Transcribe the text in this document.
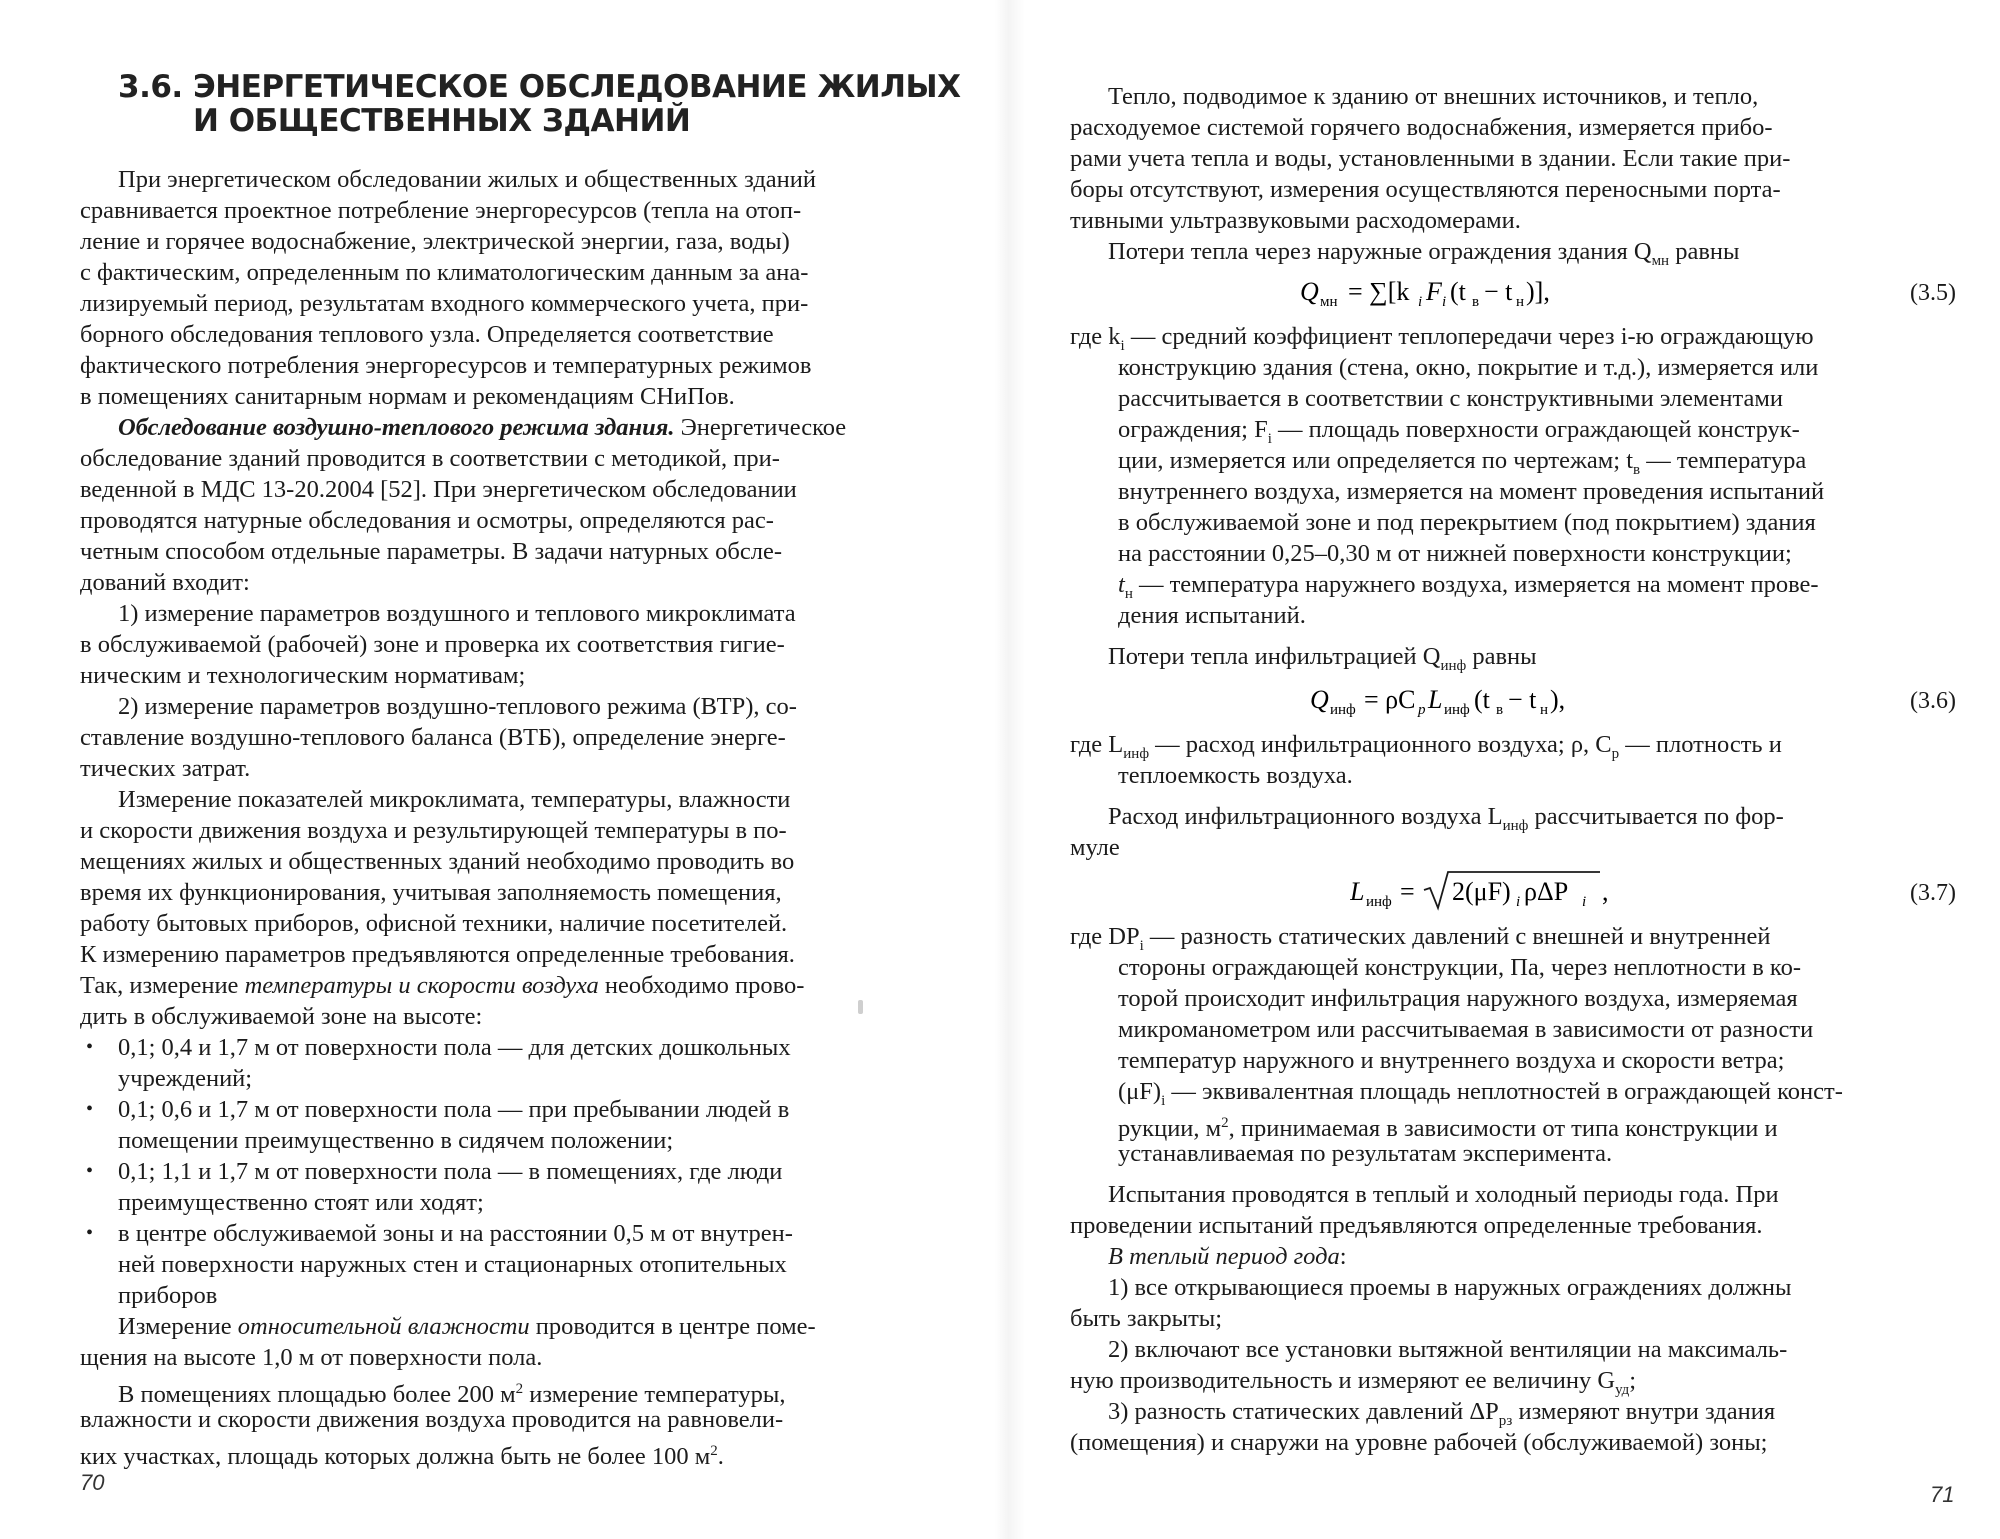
3.6. ЭНЕРГЕТИЧЕСКОЕ ОБСЛЕДОВАНИЕ ЖИЛЫХ
И ОБЩЕСТВЕННЫХ ЗДАНИЙ
При энергетическом обследовании жилых и общественных зданий
сравнивается проектное потребление энергоресурсов (тепла на отоп-
ление и горячее водоснабжение, электрической энергии, газа, воды)
с фактическим, определенным по климатологическим данным за ана-
лизируемый период, результатам входного коммерческого учета, при-
борного обследования теплового узла. Определяется соответствие
фактического потребления энергоресурсов и температурных режимов
в помещениях санитарным нормам и рекомендациям СНиПов.
Обследование воздушно-теплового режима здания. Энергетическое
обследование зданий проводится в соответствии с методикой, при-
веденной в МДС 13-20.2004 [52]. При энергетическом обследовании
проводятся натурные обследования и осмотры, определяются рас-
четным способом отдельные параметры. В задачи натурных обсле-
дований входит:
1) измерение параметров воздушного и теплового микроклимата
в обслуживаемой (рабочей) зоне и проверка их соответствия гигие-
ническим и технологическим нормативам;
2) измерение параметров воздушно-теплового режима (ВТР), со-
ставление воздушно-теплового баланса (ВТБ), определение энерге-
тических затрат.
Измерение показателей микроклимата, температуры, влажности
и скорости движения воздуха и результирующей температуры в по-
мещениях жилых и общественных зданий необходимо проводить во
время их функционирования, учитывая заполняемость помещения,
работу бытовых приборов, офисной техники, наличие посетителей.
К измерению параметров предъявляются определенные требования.
Так, измерение температуры и скорости воздуха необходимо прово-
дить в обслуживаемой зоне на высоте:
• 0,1; 0,4 и 1,7 м от поверхности пола — для детских дошкольных
учреждений;
• 0,1; 0,6 и 1,7 м от поверхности пола — при пребывании людей в
помещении преимущественно в сидячем положении;
• 0,1; 1,1 и 1,7 м от поверхности пола — в помещениях, где люди
преимущественно стоят или ходят;
• в центре обслуживаемой зоны и на расстоянии 0,5 м от внутрен-
ней поверхности наружных стен и стационарных отопительных
приборов
Измерение относительной влажности проводится в центре поме-
щения на высоте 1,0 м от поверхности пола.
В помещениях площадью более 200 $м^2$ измерение температуры,
влажности и скорости движения воздуха проводится на равновели-
ких участках, площадь которых должна быть не более 100 $м^2$.
70
Тепло, подводимое к зданию от внешних источников, и тепло,
расходуемое системой горячего водоснабжения, измеряется прибо-
рами учета тепла и воды, установленными в здании. Если такие при-
боры отсутствуют, измерения осуществляются переносными порта-
тивными ультразвуковыми расходомерами.
Потери тепла через наружные ограждения здания $Q_{мн}$ равны
Q мн = ∑[k i F i (t в − t н )],	(3.5)
где $k_i$ — средний коэффициент теплопередачи через i-ю ограждающую
конструкцию здания (стена, окно, покрытие и т.д.), измеряется или
рассчитывается в соответствии с конструктивными элементами
ограждения; $F_i$ — площадь поверхности ограждающей конструк-
ции, измеряется или определяется по чертежам; $t_в$ — температура
внутреннего воздуха, измеряется на момент проведения испытаний
в обслуживаемой зоне и под перекрытием (под покрытием) здания
на расстоянии 0,25–0,30 м от нижней поверхности конструкции;
$t_н$ — температура наружнего воздуха, измеряется на момент прове-
дения испытаний.
Потери тепла инфильтрацией $Q_{инф}$ равны
Q инф = ρC p L инф (t в − t н ),	(3.6)
где $L_{инф}$ — расход инфильтрационного воздуха; ρ, $C_p$ — плотность и
теплоемкость воздуха.
Расход инфильтрационного воздуха $L_{инф}$ рассчитывается по фор-
муле
L инф = 2(μF) i ρΔP i ,	(3.7)
где $DP_i$ — разность статических давлений с внешней и внутренней
стороны ограждающей конструкции, Па, через неплотности в ко-
торой происходит инфильтрация наружного воздуха, измеряемая
микроманометром или рассчитываемая в зависимости от разности
температур наружного и внутреннего воздуха и скорости ветра;
$(\mu F)_i$ — эквивалентная площадь неплотностей в ограждающей конст-
рукции, $м^2$, принимаемая в зависимости от типа конструкции и
устанавливаемая по результатам эксперимента.
Испытания проводятся в теплый и холодный периоды года. При
проведении испытаний предъявляются определенные требования.
В теплый период года:
1) все открывающиеся проемы в наружных ограждениях должны
быть закрыты;
2) включают все установки вытяжной вентиляции на максималь-
ную производительность и измеряют ее величину $G_{уд}$;
3) разность статических давлений $\Delta P_{рз}$ измеряют внутри здания
(помещения) и снаружи на уровне рабочей (обслуживаемой) зоны;
71
